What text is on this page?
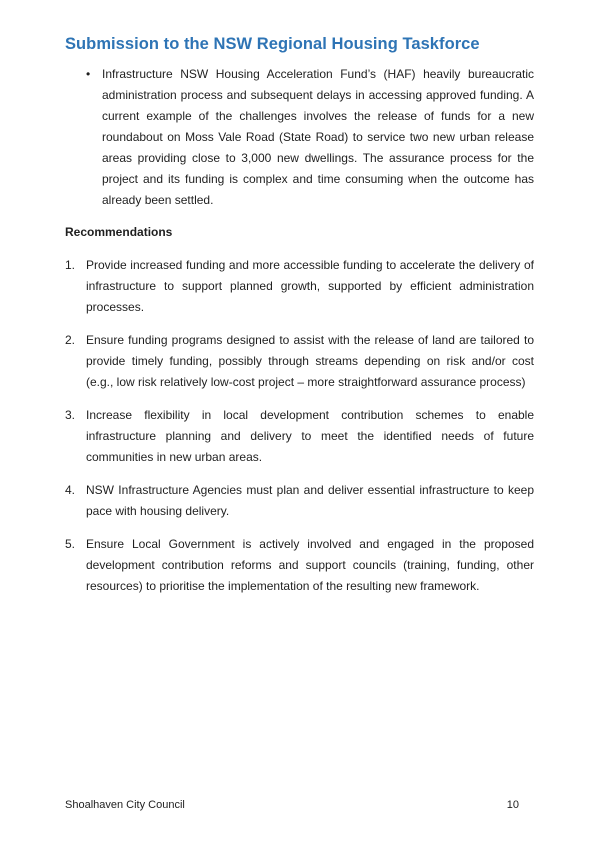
Submission to the NSW Regional Housing Taskforce
• Infrastructure NSW Housing Acceleration Fund’s (HAF) heavily bureaucratic administration process and subsequent delays in accessing approved funding. A current example of the challenges involves the release of funds for a new roundabout on Moss Vale Road (State Road) to service two new urban release areas providing close to 3,000 new dwellings. The assurance process for the project and its funding is complex and time consuming when the outcome has already been settled.

Recommendations
1. Provide increased funding and more accessible funding to accelerate the delivery of infrastructure to support planned growth, supported by efficient administration processes.
2. Ensure funding programs designed to assist with the release of land are tailored to provide timely funding, possibly through streams depending on risk and/or cost (e.g., low risk relatively low-cost project – more straightforward assurance process)
3. Increase flexibility in local development contribution schemes to enable infrastructure planning and delivery to meet the identified needs of future communities in new urban areas.
4. NSW Infrastructure Agencies must plan and deliver essential infrastructure to keep pace with housing delivery.
5. Ensure Local Government is actively involved and engaged in the proposed development contribution reforms and support councils (training, funding, other resources) to prioritise the implementation of the resulting new framework.
Shoalhaven City Council	10
